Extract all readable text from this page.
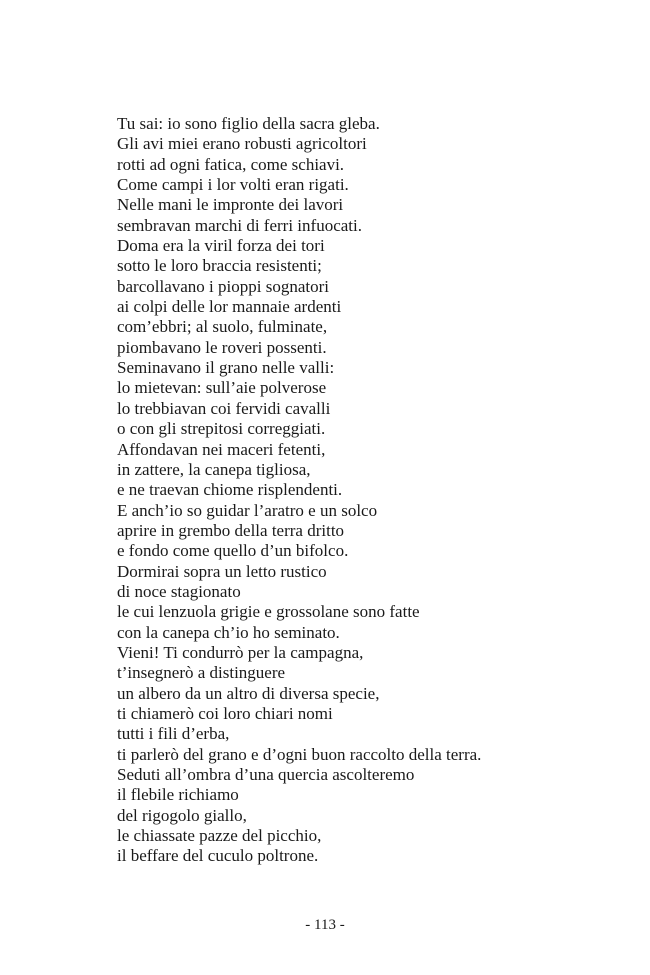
Tu sai: io sono figlio della sacra gleba.
Gli avi miei erano robusti agricoltori
rotti ad ogni fatica, come schiavi.
Come campi i lor volti eran rigati.
Nelle mani le impronte dei lavori
sembravan marchi di ferri infuocati.
Doma era la viril forza dei tori
sotto le loro braccia resistenti;
barcollavano i pioppi sognatori
ai colpi delle lor mannaie ardenti
com’ebbri; al suolo, fulminate,
piombavano le roveri possenti.
Seminavano il grano nelle valli:
lo mietevan: sull’aie polverose
lo trebbiavan coi fervidi cavalli
o con gli strepitosi correggiati.
Affondavan nei maceri fetenti,
in zattere, la canepa tigliosa,
e ne traevan chiome risplendenti.
E anch’io so guidar l’aratro e un solco
aprire in grembo della terra dritto
e fondo come quello d’un bifolco.
Dormirai sopra un letto rustico
di noce stagionato
le cui lenzuola grigie e grossolane sono fatte
con la canepa ch’io ho seminato.
Vieni! Ti condurrò per la campagna,
t’insegnerò a distinguere
un albero da un altro di diversa specie,
ti chiamerò coi loro chiari nomi
tutti i fili d’erba,
ti parlerò del grano e d’ogni buon raccolto della terra.
Seduti all’ombra d’una quercia ascolteremo
il flebile richiamo
del rigogolo giallo,
le chiassate pazze del picchio,
il beffare del cuculo poltrone.
- 113 -
